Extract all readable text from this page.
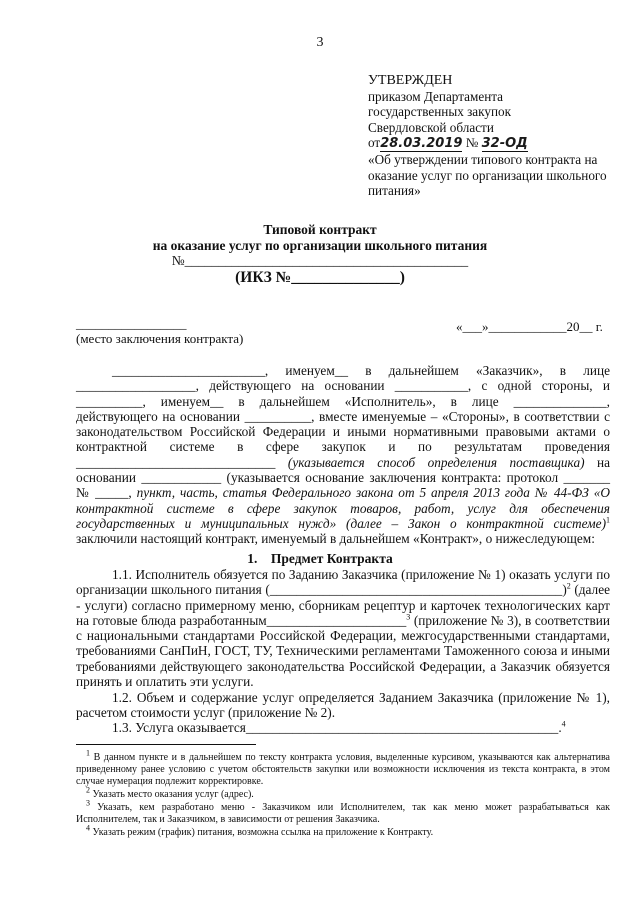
3
УТВЕРЖДЕН
приказом Департамента
государственных закупок
Свердловской области
от28.03.2019 № 32-ОД
«Об утверждении типового контракта на оказание услуг по организации школьного питания»
Типовой контракт
на оказание услуг по организации школьного питания
№__________________________________________
(ИКЗ №______________)
_________________
(место заключения контракта)
«___»____________20__ г.
_______________________, именуем__ в дальнейшем «Заказчик», в лице __________________, действующего на основании ___________, с одной стороны, и __________, именуем__ в дальнейшем «Исполнитель», в лице ______________, действующего на основании __________, вместе именуемые – «Стороны», в соответствии с законодательством Российской Федерации и иными нормативными правовыми актами о контрактной системе в сфере закупок и по результатам проведения ______________________________ (указывается способ определения поставщика) на основании ____________ (указывается основание заключения контракта: протокол _______ № _____, пункт, часть, статья Федерального закона от 5 апреля 2013 года № 44-ФЗ «О контрактной системе в сфере закупок товаров, работ, услуг для обеспечения государственных и муниципальных нужд» (далее – Закон о контрактной системе)$^1$ заключили настоящий контракт, именуемый в дальнейшем «Контракт», о нижеследующем:
1. Предмет Контракта
1.1. Исполнитель обязуется по Заданию Заказчика (приложение № 1) оказать услуги по организации школьного питания (____________________________________________)$^2$ (далее - услуги) согласно примерному меню, сборникам рецептур и карточек технологических карт на готовые блюда разработанным_____________________$^3$ (приложение № 3), в соответствии с национальными стандартами Российской Федерации, межгосударственными стандартами, требованиями СанПиН, ГОСТ, ТУ, Техническими регламентами Таможенного союза и иными требованиями действующего законодательства Российской Федерации, а Заказчик обязуется принять и оплатить эти услуги.
1.2. Объем и содержание услуг определяется Заданием Заказчика (приложение № 1), расчетом стоимости услуг (приложение № 2).
1.3. Услуга оказывается_______________________________________________.$^4$
$^1$ В данном пункте и в дальнейшем по тексту контракта условия, выделенные курсивом, указываются как альтернатива приведенному ранее условию с учетом обстоятельств закупки или возможности исключения из текста контракта, в этом случае нумерация подлежит корректировке.
$^2$ Указать место оказания услуг (адрес).
$^3$ Указать, кем разработано меню - Заказчиком или Исполнителем, так как меню может разрабатываться как Исполнителем, так и Заказчиком, в зависимости от решения Заказчика.
$^4$ Указать режим (график) питания, возможна ссылка на приложение к Контракту.
